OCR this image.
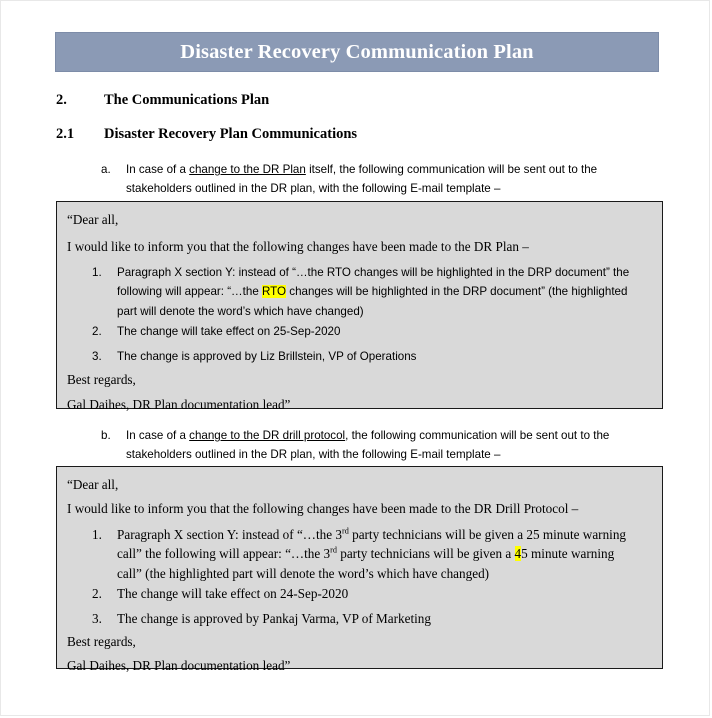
Disaster Recovery Communication Plan
2.	The Communications Plan
2.1 Disaster Recovery Plan Communications
a.	In case of a change to the DR Plan itself, the following communication will be sent out to the
stakeholders outlined in the DR plan, with the following E-mail template –
“Dear all,
I would like to inform you that the following changes have been made to the DR Plan –
1.	Paragraph X section Y: instead of “…the RTO changes will be highlighted in the DRP document” the
following will appear: “…the RTO changes will be highlighted in the DRP document” (the highlighted
part will denote the word’s which have changed)
2.	The change will take effect on 25-Sep-2020
3.	The change is approved by Liz Brillstein, VP of Operations
Best regards,
Gal Daihes, DR Plan documentation lead”
b.	In case of a change to the DR drill protocol, the following communication will be sent out to the
stakeholders outlined in the DR plan, with the following E-mail template –
“Dear all,
I would like to inform you that the following changes have been made to the DR Drill Protocol –
1.	Paragraph X section Y: instead of “…the 3rd party technicians will be given a 25 minute warning
call” the following will appear: “…the 3rd party technicians will be given a 45 minute warning
call” (the highlighted part will denote the word’s which have changed)
2.	The change will take effect on 24-Sep-2020
3.	The change is approved by Pankaj Varma, VP of Marketing
Best regards,
Gal Daihes, DR Plan documentation lead”
